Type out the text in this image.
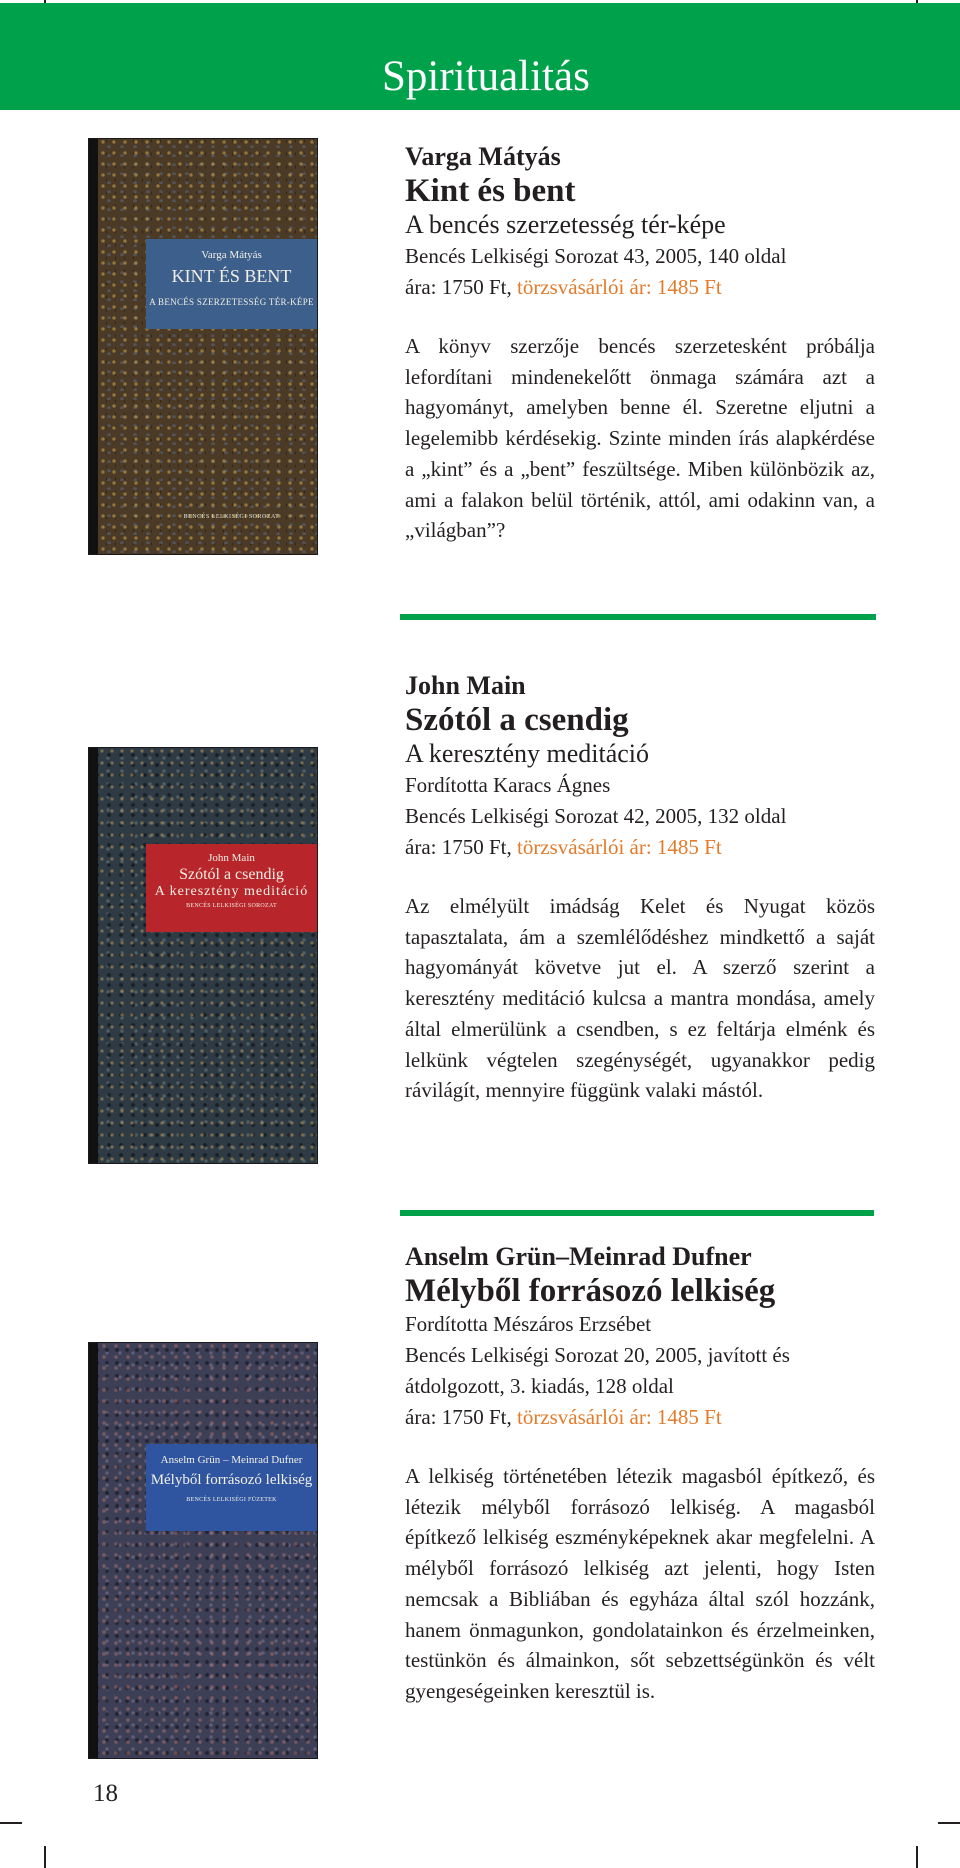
Spiritualitás
Varga Mátyás
KINT ÉS BENT
A BENCÉS SZERZETESSÉG TÉR-KÉPE
BENCÉS LELKISÉGI SOROZAT
Varga Mátyás
Kint és bent
A bencés szerzetesség tér-képe
Bencés Lelkiségi Sorozat 43, 2005, 140 oldal
ára: 1750 Ft, törzsvásárlói ár: 1485 Ft
A könyv szerzője bencés szerzetesként próbálja lefordítani mindenekelőtt önmaga számára azt a hagyományt, amelyben benne él. Szeretne eljutni a legelemibb kérdésekig. Szinte minden írás alapkérdése a „kint” és a „bent” feszültsége. Miben különbözik az, ami a falakon belül történik, attól, ami odakinn van, a „világban”?
John Main
Szótól a csendig
A keresztény meditáció
BENCÉS LELKISÉGI SOROZAT
John Main
Szótól a csendig
A keresztény meditáció
Fordította Karacs Ágnes
Bencés Lelkiségi Sorozat 42, 2005, 132 oldal
ára: 1750 Ft, törzsvásárlói ár: 1485 Ft
Az elmélyült imádság Kelet és Nyugat közös tapasztalata, ám a szemlélődéshez mindkettő a saját hagyományát követve jut el. A szerző szerint a keresztény meditáció kulcsa a mantra mondása, amely által elmerülünk a csendben, s ez feltárja elménk és lelkünk végtelen szegénységét, ugyanakkor pedig rávilágít, mennyire függünk valaki mástól.
Anselm Grün – Meinrad Dufner
Mélyből forrásozó lelkiség
BENCÉS LELKISÉGI FÜZETEK
Anselm Grün–Meinrad Dufner
Mélyből forrásozó lelkiség
Fordította Mészáros Erzsébet
Bencés Lelkiségi Sorozat 20, 2005, javított és átdolgozott, 3. kiadás, 128 oldal
ára: 1750 Ft, törzsvásárlói ár: 1485 Ft
A lelkiség történetében létezik magasból építkező, és létezik mélyből forrásozó lelkiség. A magasból építkező lelkiség eszményképeknek akar megfelelni. A mélyből forrásozó lelkiség azt jelenti, hogy Isten nemcsak a Bibliában és egyháza által szól hozzánk, hanem önmagunkon, gondolatainkon és érzelmeinken, testünkön és álmainkon, sőt sebzettségünkön és vélt gyengeségeinken keresztül is.
18
